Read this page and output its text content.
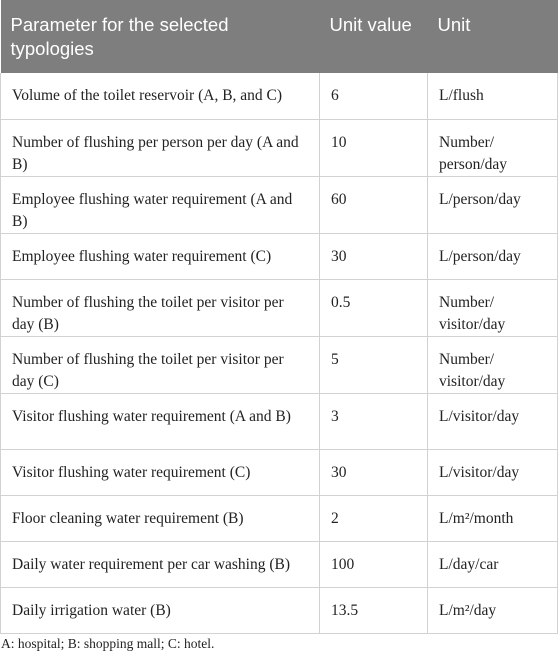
Parameter for the selected typologies	Unit value	Unit
Volume of the toilet reservoir (A, B, and C)	6	L/flush
Number of flushing per person per day (A and B)	10	Number/ person/day
Employee flushing water requirement (A and B)	60	L/person/day
Employee flushing water requirement (C)	30	L/person/day
Number of flushing the toilet per visitor per day (B)	0.5	Number/ visitor/day
Number of flushing the toilet per visitor per day (C)	5	Number/ visitor/day
Visitor flushing water requirement (A and B)	3	L/visitor/day
Visitor flushing water requirement (C)	30	L/visitor/day
Floor cleaning water requirement (B)	2	L/m²/month
Daily water requirement per car washing (B)	100	L/day/car
Daily irrigation water (B)	13.5	L/m²/day
A: hospital; B: shopping mall; C: hotel.
